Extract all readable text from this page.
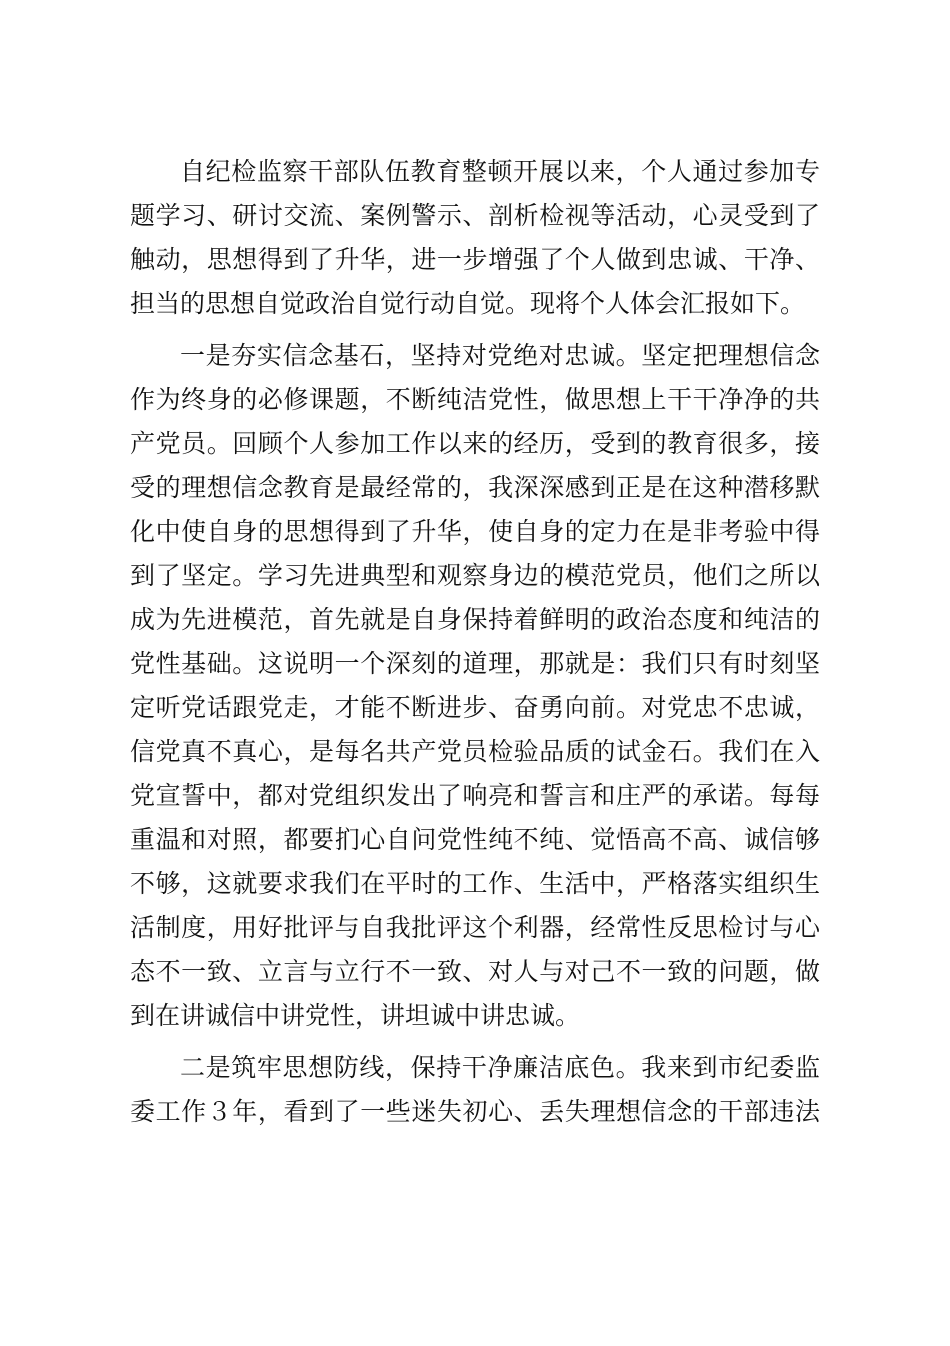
自纪检监察干部队伍教育整顿开展以来，个人通过参加专
题学习、研讨交流、案例警示、剖析检视等活动，心灵受到了
触动，思想得到了升华，进一步增强了个人做到忠诚、干净、
担当的思想自觉政治自觉行动自觉。现将个人体会汇报如下。
一是夯实信念基石，坚持对党绝对忠诚。坚定把理想信念
作为终身的必修课题，不断纯洁党性，做思想上干干净净的共
产党员。回顾个人参加工作以来的经历，受到的教育很多，接
受的理想信念教育是最经常的，我深深感到正是在这种潜移默
化中使自身的思想得到了升华，使自身的定力在是非考验中得
到了坚定。学习先进典型和观察身边的模范党员，他们之所以
成为先进模范，首先就是自身保持着鲜明的政治态度和纯洁的
党性基础。这说明一个深刻的道理，那就是：我们只有时刻坚
定听党话跟党走，才能不断进步、奋勇向前。对党忠不忠诚，
信党真不真心，是每名共产党员检验品质的试金石。我们在入
党宣誓中，都对党组织发出了响亮和誓言和庄严的承诺。每每
重温和对照，都要扪心自问党性纯不纯、觉悟高不高、诚信够
不够，这就要求我们在平时的工作、生活中，严格落实组织生
活制度，用好批评与自我批评这个利器，经常性反思检讨与心
态不一致、立言与立行不一致、对人与对己不一致的问题，做
到在讲诚信中讲党性，讲坦诚中讲忠诚。
二是筑牢思想防线，保持干净廉洁底色。我来到市纪委监
委工作３年，看到了一些迷失初心、丢失理想信念的干部违法
